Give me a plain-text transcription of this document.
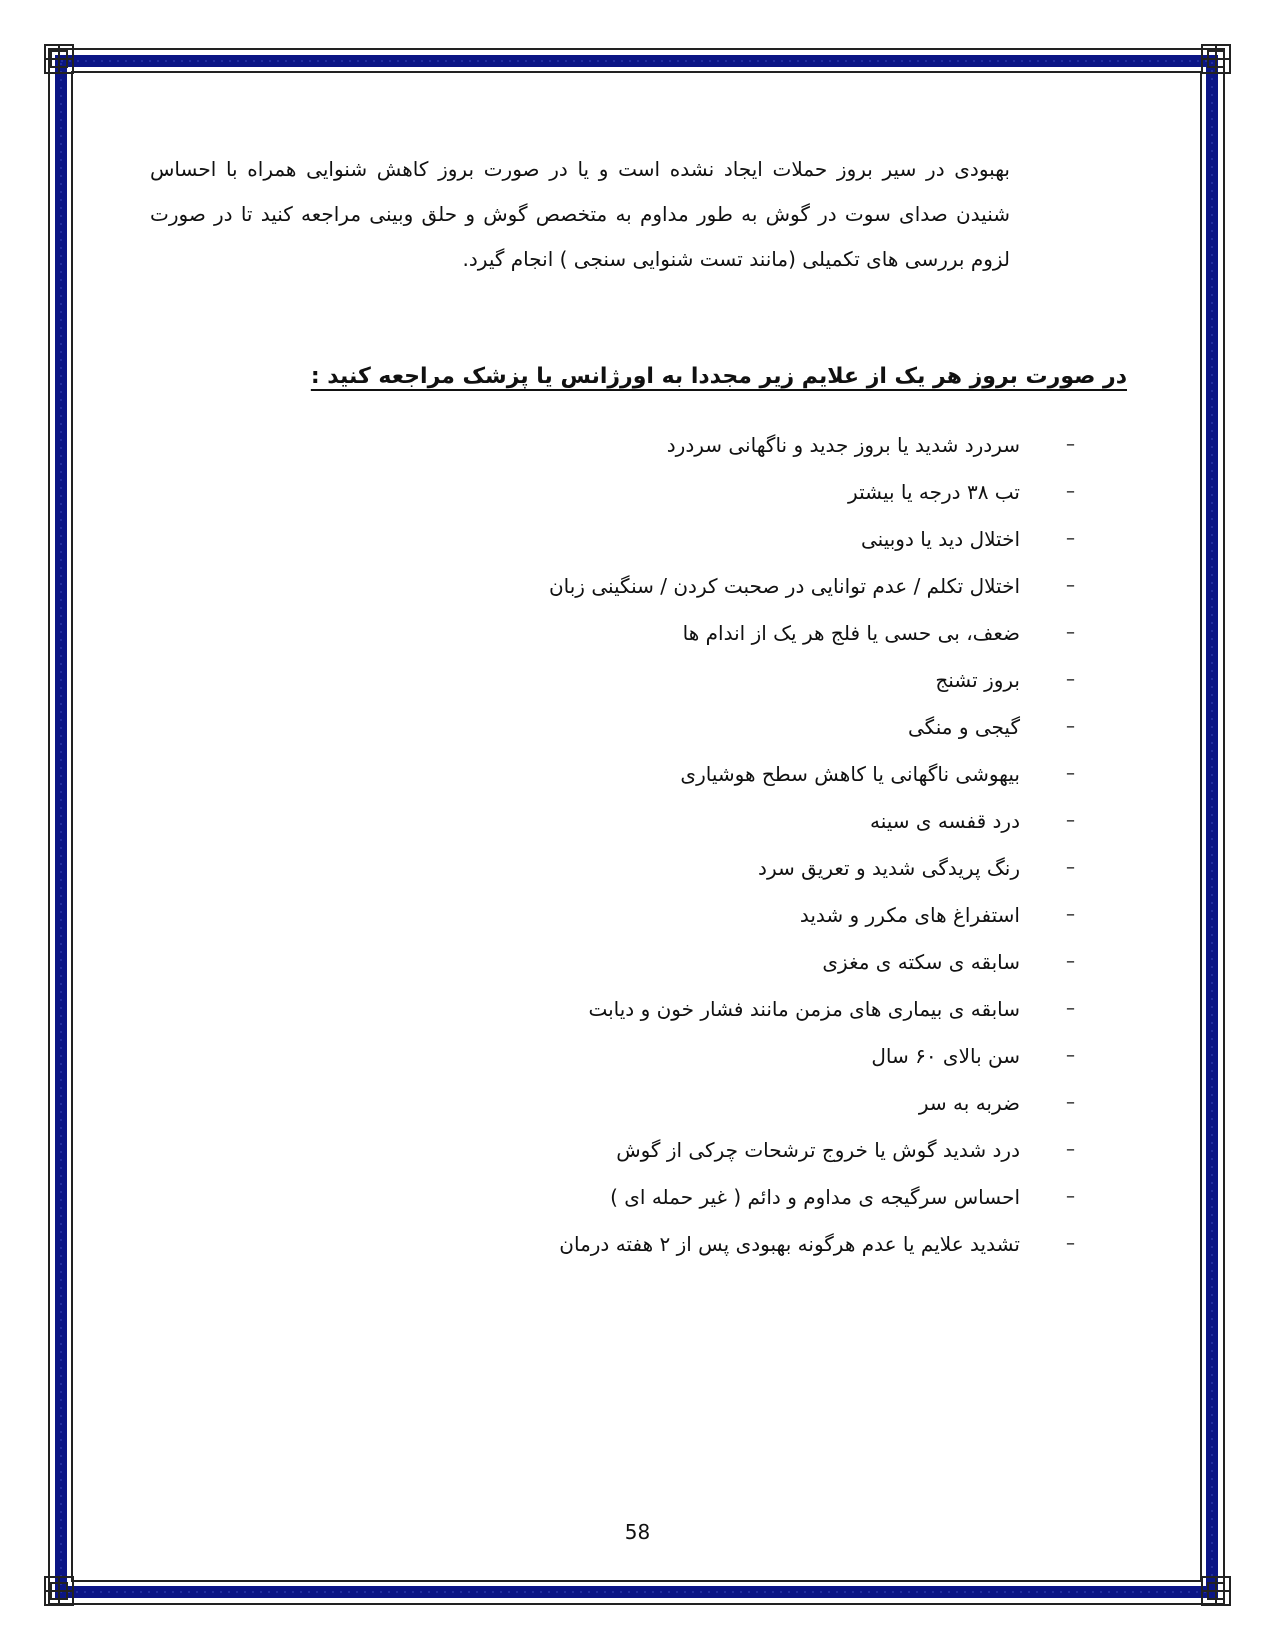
بهبودی در سیر بروز حملات ایجاد نشده است و یا در صورت بروز کاهش شنوایی همراه با احساس شنیدن صدای سوت در گوش به طور مداوم به متخصص گوش و حلق وبینی مراجعه کنید تا در صورت لزوم بررسی های تکمیلی (مانند تست شنوایی سنجی ) انجام گیرد.

در صورت بروز هر یک از علایم زیر مجددا به اورژانس یا پزشک مراجعه کنید :
–
سردرد شدید یا بروز جدید و ناگهانی سردرد
–
تب ۳۸ درجه یا بیشتر
–
اختلال دید یا دوبینی
–
اختلال تکلم / عدم توانایی در صحبت کردن / سنگینی زبان
–
ضعف، بی حسی یا فلج هر یک از اندام ها
–
بروز تشنج
–
گیجی و منگی
–
بیهوشی ناگهانی یا کاهش سطح هوشیاری
–
درد قفسه ی سینه
–
رنگ پریدگی شدید و تعریق سرد
–
استفراغ های مکرر و شدید
–
سابقه ی سکته ی مغزی
–
سابقه ی بیماری های مزمن مانند فشار خون و دیابت
–
سن بالای ۶۰ سال
–
ضربه به سر
–
درد شدید گوش یا خروج ترشحات چرکی از گوش
–
احساس سرگیجه ی مداوم و دائم ( غیر حمله ای )
–
تشدید علایم یا عدم هرگونه بهبودی پس از ۲ هفته درمان
58
